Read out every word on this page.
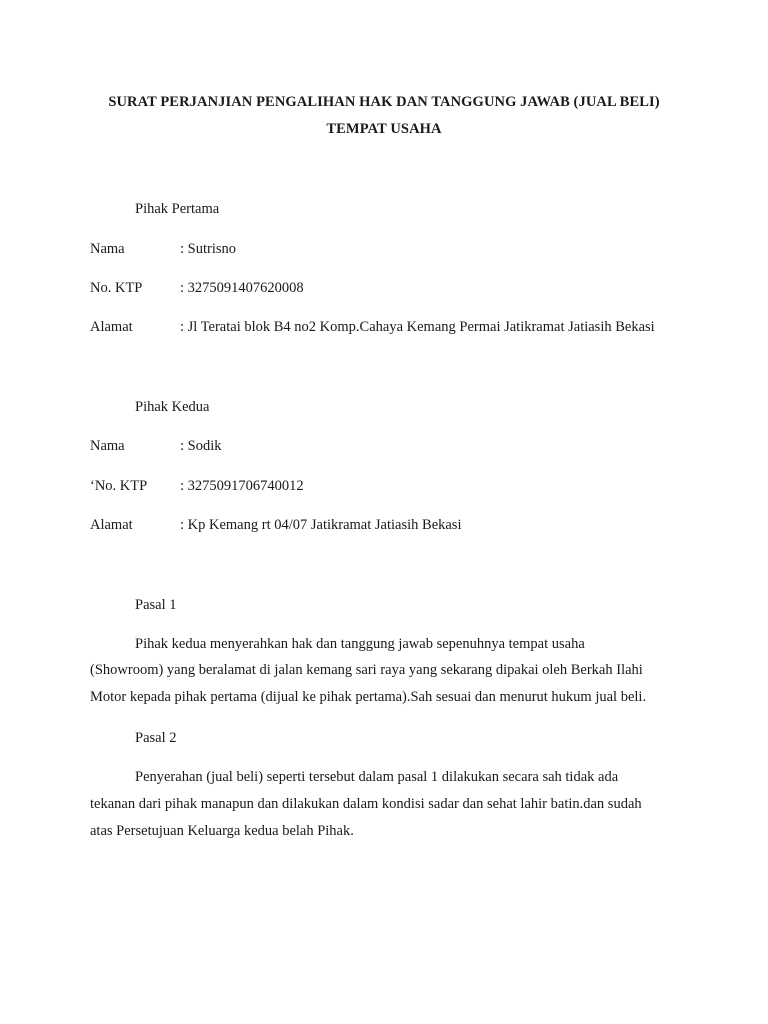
SURAT PERJANJIAN PENGALIHAN HAK DAN TANGGUNG JAWAB (JUAL BELI)
TEMPAT USAHA
Pihak Pertama
Nama	: Sutrisno
No. KTP	: 3275091407620008
Alamat	: Jl Teratai blok B4 no2 Komp.Cahaya Kemang Permai Jatikramat Jatiasih Bekasi
Pihak Kedua
Nama	: Sodik
‘No. KTP : 3275091706740012
Alamat	: Kp Kemang rt 04/07 Jatikramat Jatiasih Bekasi
Pasal 1
Pihak kedua menyerahkan hak dan tanggung jawab sepenuhnya tempat usaha
(Showroom) yang beralamat di jalan kemang sari raya yang sekarang dipakai oleh Berkah Ilahi
Motor kepada pihak pertama (dijual ke pihak pertama).Sah sesuai dan menurut hukum jual beli.
Pasal 2
Penyerahan (jual beli) seperti tersebut dalam pasal 1 dilakukan secara sah tidak ada
tekanan dari pihak manapun dan dilakukan dalam kondisi sadar dan sehat lahir batin.dan sudah
atas Persetujuan Keluarga kedua belah Pihak.
